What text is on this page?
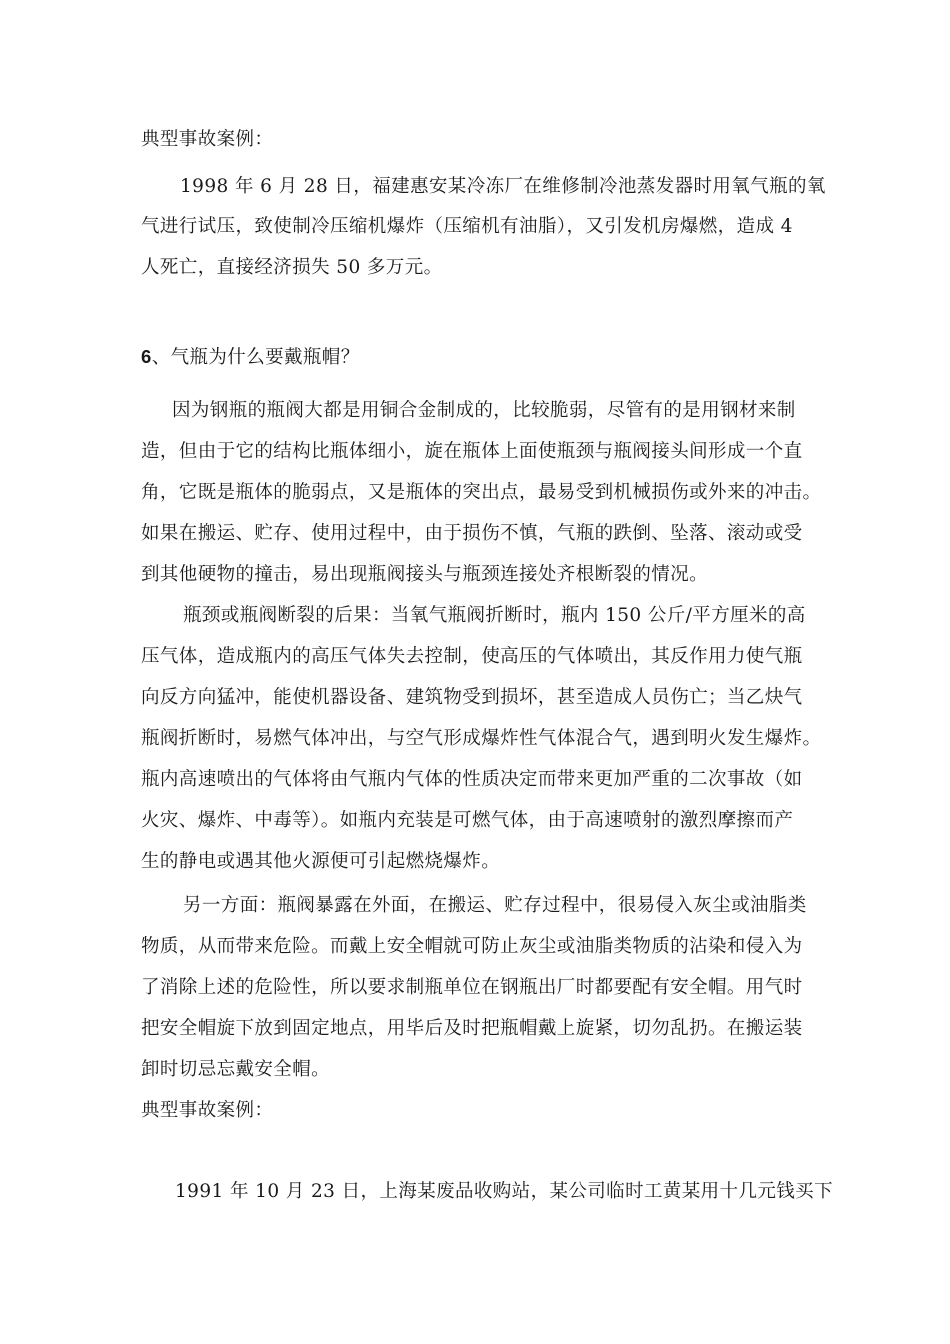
典型事故案例：
1998 年 6 月 28 日，福建惠安某冷冻厂在维修制冷池蒸发器时用氧气瓶的氧
气进行试压，致使制冷压缩机爆炸（压缩机有油脂），又引发机房爆燃，造成 4
人死亡，直接经济损失 50 多万元。
6、气瓶为什么要戴瓶帽？
因为钢瓶的瓶阀大都是用铜合金制成的，比较脆弱，尽管有的是用钢材来制
造，但由于它的结构比瓶体细小，旋在瓶体上面使瓶颈与瓶阀接头间形成一个直
角，它既是瓶体的脆弱点，又是瓶体的突出点，最易受到机械损伤或外来的冲击。
如果在搬运、贮存、使用过程中，由于损伤不慎，气瓶的跌倒、坠落、滚动或受
到其他硬物的撞击，易出现瓶阀接头与瓶颈连接处齐根断裂的情况。
瓶颈或瓶阀断裂的后果：当氧气瓶阀折断时，瓶内 150 公斤/平方厘米的高
压气体，造成瓶内的高压气体失去控制，使高压的气体喷出，其反作用力使气瓶
向反方向猛冲，能使机器设备、建筑物受到损坏，甚至造成人员伤亡；当乙炔气
瓶阀折断时，易燃气体冲出，与空气形成爆炸性气体混合气，遇到明火发生爆炸。
瓶内高速喷出的气体将由气瓶内气体的性质决定而带来更加严重的二次事故（如
火灾、爆炸、中毒等）。如瓶内充装是可燃气体，由于高速喷射的激烈摩擦而产
生的静电或遇其他火源便可引起燃烧爆炸。
另一方面：瓶阀暴露在外面，在搬运、贮存过程中，很易侵入灰尘或油脂类
物质，从而带来危险。而戴上安全帽就可防止灰尘或油脂类物质的沾染和侵入为
了消除上述的危险性，所以要求制瓶单位在钢瓶出厂时都要配有安全帽。用气时
把安全帽旋下放到固定地点，用毕后及时把瓶帽戴上旋紧，切勿乱扔。在搬运装
卸时切忌忘戴安全帽。
典型事故案例：
1991 年 10 月 23 日，上海某废品收购站，某公司临时工黄某用十几元钱买下
